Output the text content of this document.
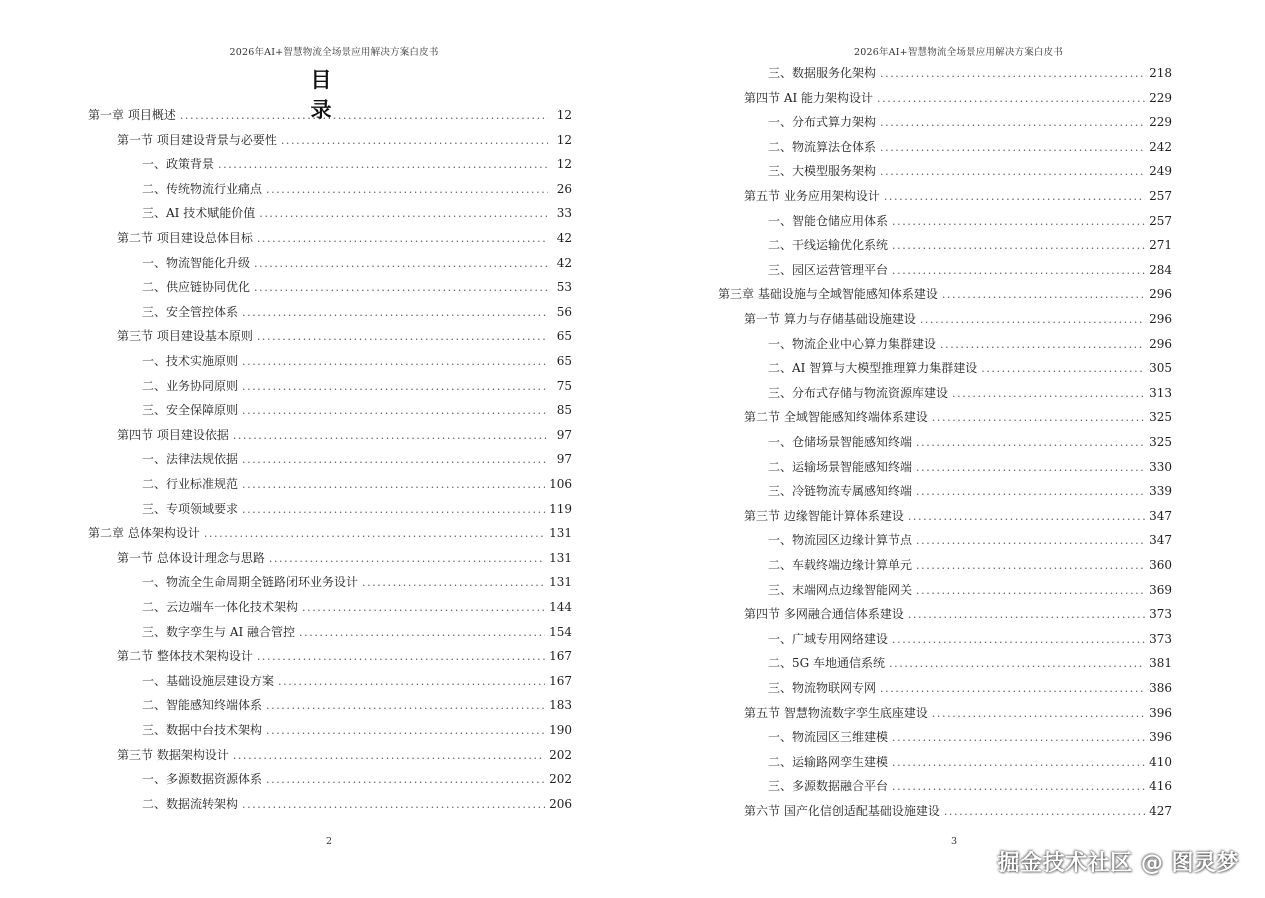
2026年AI+智慧物流全场景应用解决方案白皮书
目 录
第一章 项目概述 .....	12
第一节 项目建设背景与必要性 .....	12
一、政策背景 .....	12
二、传统物流行业痛点 .....	26
三、AI 技术赋能价值 .....	33
第二节 项目建设总体目标 .....	42
一、物流智能化升级 .....	42
二、供应链协同优化 .....	53
三、安全管控体系 .....	56
第三节 项目建设基本原则 .....	65
一、技术实施原则 .....	65
二、业务协同原则 .....	75
三、安全保障原则 .....	85
第四节 项目建设依据 .....	97
一、法律法规依据 .....	97
二、行业标准规范 .....	106
三、专项领域要求 .....	119
第二章 总体架构设计 .....	131
第一节 总体设计理念与思路 .....	131
一、物流全生命周期全链路闭环业务设计 .....	131
二、云边端车一体化技术架构 .....	144
三、数字孪生与 AI 融合管控 .....	154
第二节 整体技术架构设计 .....	167
一、基础设施层建设方案 .....	167
二、智能感知终端体系 .....	183
三、数据中台技术架构 .....	190
第三节 数据架构设计 .....	202
一、多源数据资源体系 .....	202
二、数据流转架构 .....	206
2
2026年AI+智慧物流全场景应用解决方案白皮书
三、数据服务化架构 .....	218
第四节 AI 能力架构设计 .....	229
一、分布式算力架构 .....	229
二、物流算法仓体系 .....	242
三、大模型服务架构 .....	249
第五节 业务应用架构设计 .....	257
一、智能仓储应用体系 .....	257
二、干线运输优化系统 .....	271
三、园区运营管理平台 .....	284
第三章 基础设施与全域智能感知体系建设 .....	296
第一节 算力与存储基础设施建设 .....	296
一、物流企业中心算力集群建设 .....	296
二、AI 智算与大模型推理算力集群建设 .....	305
三、分布式存储与物流资源库建设 .....	313
第二节 全域智能感知终端体系建设 .....	325
一、仓储场景智能感知终端 .....	325
二、运输场景智能感知终端 .....	330
三、冷链物流专属感知终端 .....	339
第三节 边缘智能计算体系建设 .....	347
一、物流园区边缘计算节点 .....	347
二、车载终端边缘计算单元 .....	360
三、末端网点边缘智能网关 .....	369
第四节 多网融合通信体系建设 .....	373
一、广域专用网络建设 .....	373
二、5G 车地通信系统 .....	381
三、物流物联网专网 .....	386
第五节 智慧物流数字孪生底座建设 .....	396
一、物流园区三维建模 .....	396
二、运输路网孪生建模 .....	410
三、多源数据融合平台 .....	416
第六节 国产化信创适配基础设施建设 .....	427
3
掘金技术社区 @ 图灵梦
